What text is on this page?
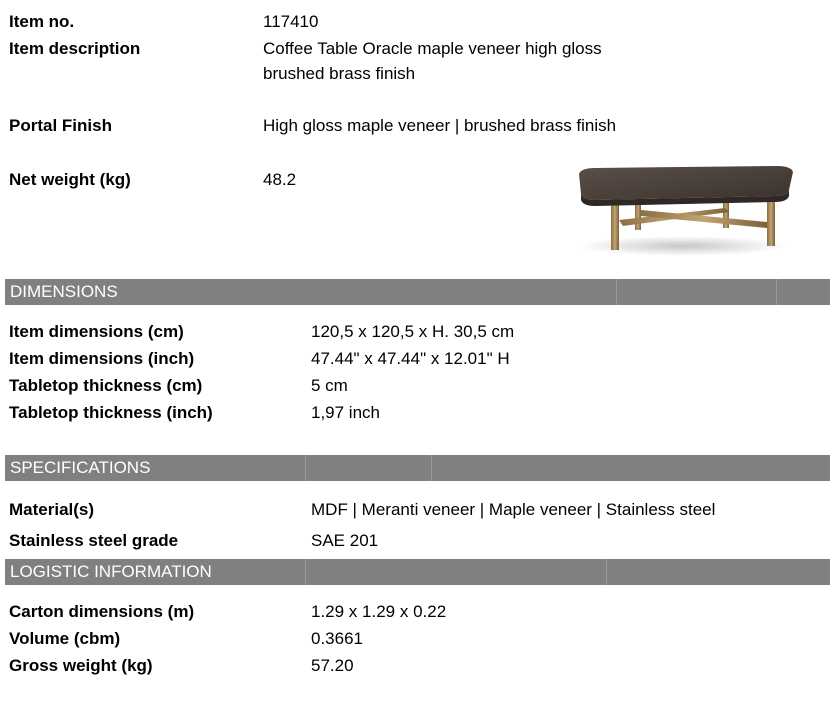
Item no.	117410
Item description	Coffee Table Oracle maple veneer high gloss
brushed brass finish
Portal Finish	High gloss maple veneer | brushed brass finish
Net weight (kg)	48.2
DIMENSIONS
Item dimensions (cm)	120,5 x 120,5 x H. 30,5 cm
Item dimensions (inch)	47.44" x 47.44" x 12.01" H
Tabletop thickness (cm)	5 cm
Tabletop thickness (inch)	1,97 inch
SPECIFICATIONS
Material(s)	MDF | Meranti veneer | Maple veneer | Stainless steel
Stainless steel grade	SAE 201
LOGISTIC INFORMATION
Carton dimensions (m)	1.29 x 1.29 x 0.22
Volume (cbm)	0.3661
Gross weight (kg)	57.20
